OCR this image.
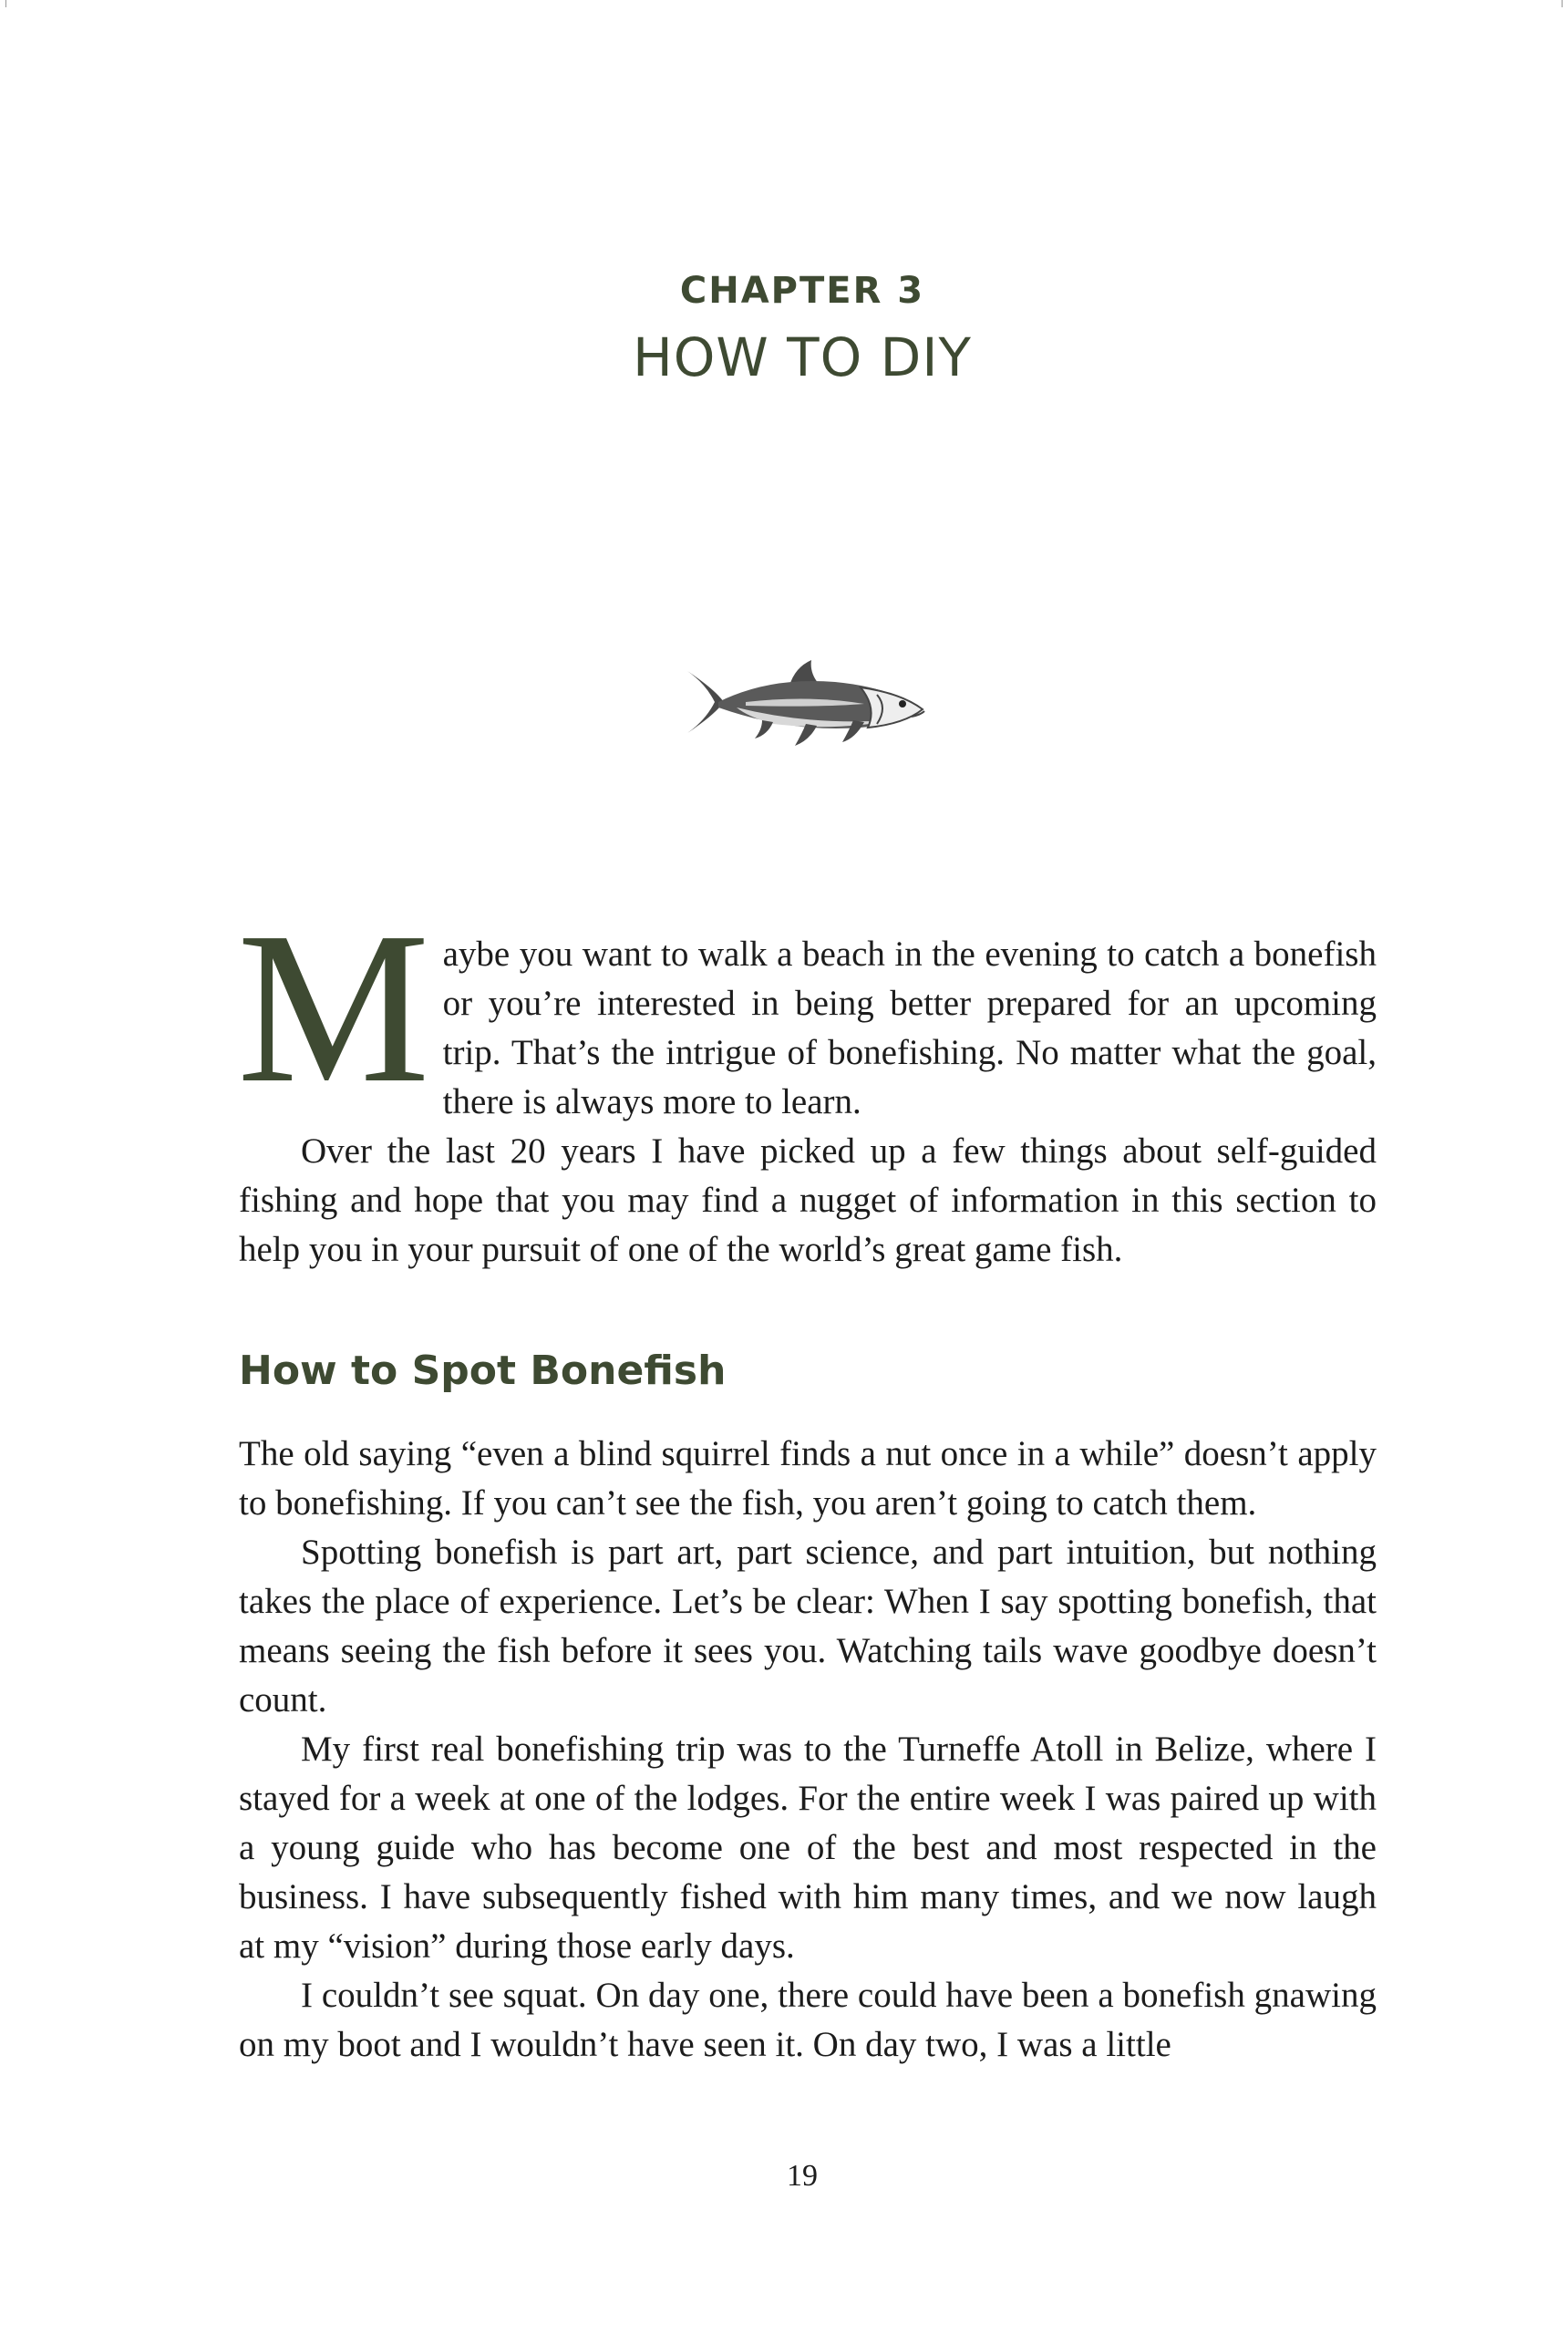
CHAPTER 3
HOW TO DIY

Maybe you want to walk a beach in the evening to catch a bonefish or you’re interested in being better prepared for an upcoming trip. That’s the intrigue of bonefishing. No matter what the goal, there is always more to learn.

Over the last 20 years I have picked up a few things about self-guided fishing and hope that you may find a nugget of information in this section to help you in your pursuit of one of the world’s great game fish.

How to Spot Bonefish

The old saying “even a blind squirrel finds a nut once in a while” doesn’t apply to bonefishing. If you can’t see the fish, you aren’t going to catch them.

Spotting bonefish is part art, part science, and part intuition, but nothing takes the place of experience. Let’s be clear: When I say spotting bonefish, that means seeing the fish before it sees you. Watching tails wave goodbye doesn’t count.

My first real bonefishing trip was to the Turneffe Atoll in Belize, where I stayed for a week at one of the lodges. For the entire week I was paired up with a young guide who has become one of the best and most respected in the business. I have subsequently fished with him many times, and we now laugh at my “vision” during those early days.

I couldn’t see squat. On day one, there could have been a bonefish gnawing on my boot and I wouldn’t have seen it. On day two, I was a little

19
